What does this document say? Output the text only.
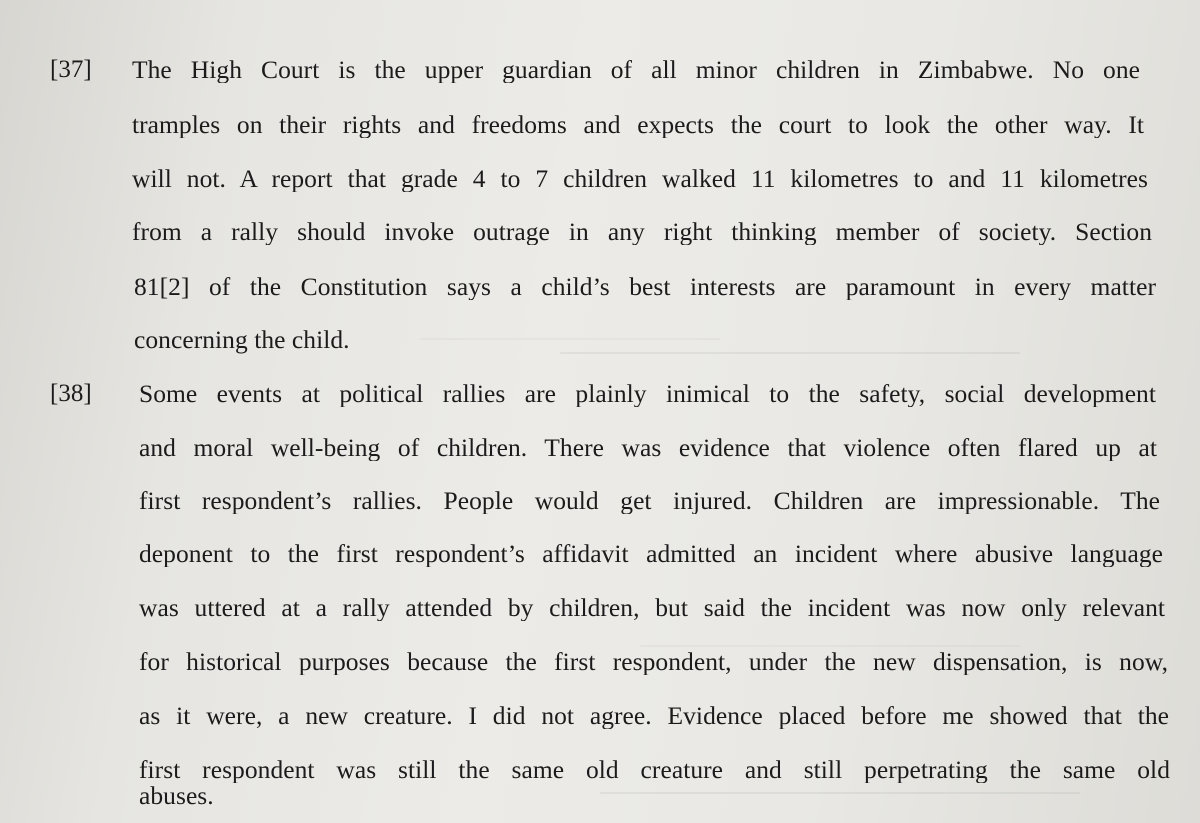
[37] The High Court is the upper guardian of all minor children in Zimbabwe. No one
tramples on their rights and freedoms and expects the court to look the other way. It
will not. A report that grade 4 to 7 children walked 11 kilometres to and 11 kilometres
from a rally should invoke outrage in any right thinking member of society. Section
81[2] of the Constitution says a child’s best interests are paramount in every matter
concerning the child.
[38] Some events at political rallies are plainly inimical to the safety, social development
and moral well-being of children. There was evidence that violence often flared up at
first respondent’s rallies. People would get injured. Children are impressionable. The
deponent to the first respondent’s affidavit admitted an incident where abusive language
was uttered at a rally attended by children, but said the incident was now only relevant
for historical purposes because the first respondent, under the new dispensation, is now,
as it were, a new creature. I did not agree. Evidence placed before me showed that the
first respondent was still the same old creature and still perpetrating the same old
abuses.
